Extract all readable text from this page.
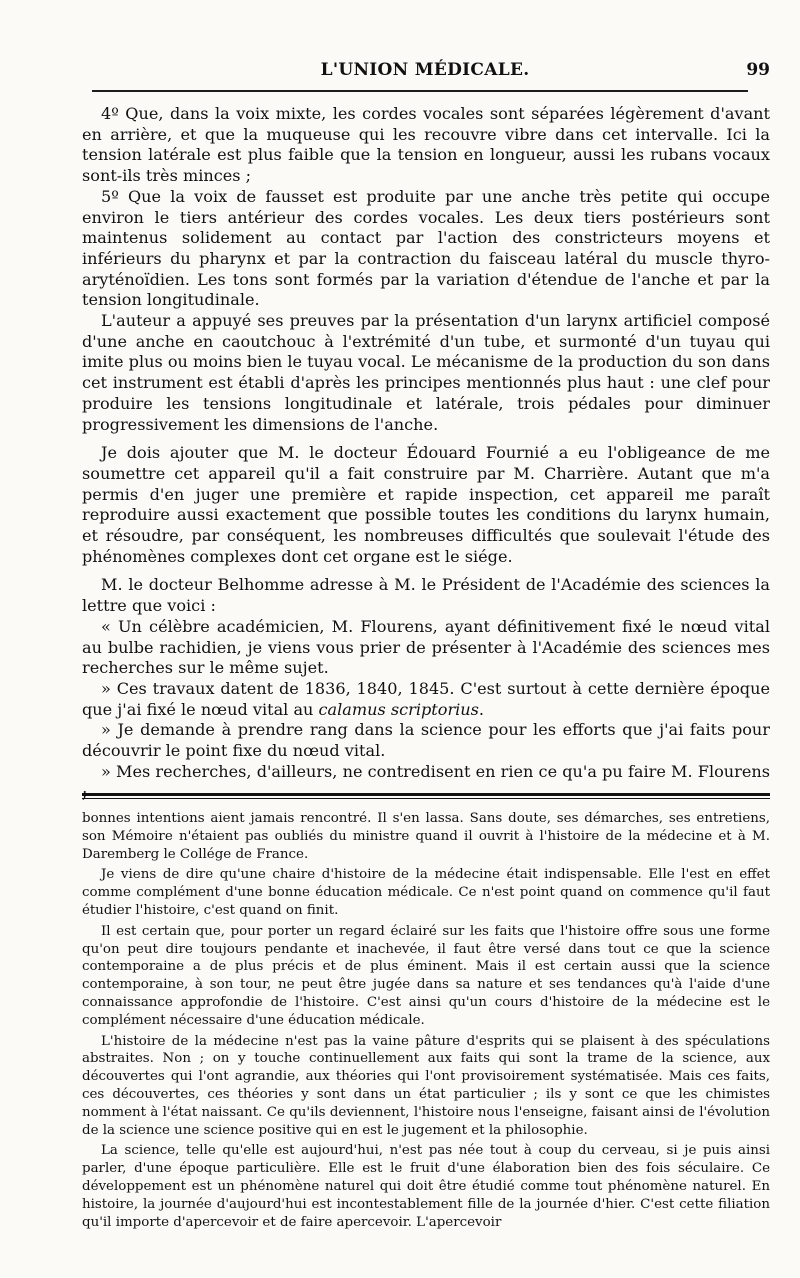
L'UNION MÉDICALE.	99

4º Que, dans la voix mixte, les cordes vocales sont séparées légèrement d'avant en arrière, et que la muqueuse qui les recouvre vibre dans cet intervalle. Ici la tension latérale est plus faible que la tension en longueur, aussi les rubans vocaux sont-ils très minces ;

5º Que la voix de fausset est produite par une anche très petite qui occupe environ le tiers antérieur des cordes vocales. Les deux tiers postérieurs sont maintenus solidement au contact par l'action des constricteurs moyens et inférieurs du pharynx et par la contraction du faisceau latéral du muscle thyro-aryténoïdien. Les tons sont formés par la variation d'étendue de l'anche et par la tension longitudinale.

L'auteur a appuyé ses preuves par la présentation d'un larynx artificiel composé d'une anche en caoutchouc à l'extrémité d'un tube, et surmonté d'un tuyau qui imite plus ou moins bien le tuyau vocal. Le mécanisme de la production du son dans cet instrument est établi d'après les principes mentionnés plus haut : une clef pour produire les tensions longitudinale et latérale, trois pédales pour diminuer progressivement les dimensions de l'anche.

Je dois ajouter que M. le docteur Édouard Fournié a eu l'obligeance de me soumettre cet appareil qu'il a fait construire par M. Charrière. Autant que m'a permis d'en juger une première et rapide inspection, cet appareil me paraît reproduire aussi exactement que possible toutes les conditions du larynx humain, et résoudre, par conséquent, les nombreuses difficultés que soulevait l'étude des phénomènes complexes dont cet organe est le siége.

M. le docteur Belhomme adresse à M. le Président de l'Académie des sciences la lettre que voici :

« Un célèbre académicien, M. Flourens, ayant définitivement fixé le nœud vital au bulbe rachidien, je viens vous prier de présenter à l'Académie des sciences mes recherches sur le même sujet.

» Ces travaux datent de 1836, 1840, 1845. C'est surtout à cette dernière époque que j'ai fixé le nœud vital au calamus scriptorius.

» Je demande à prendre rang dans la science pour les efforts que j'ai faits pour découvrir le point fixe du nœud vital.

» Mes recherches, d'ailleurs, ne contredisent en rien ce qu'a pu faire M. Flourens ;

bonnes intentions aient jamais rencontré. Il s'en lassa. Sans doute, ses démarches, ses entretiens, son Mémoire n'étaient pas oubliés du ministre quand il ouvrit à l'histoire de la médecine et à M. Daremberg le Collége de France.

Je viens de dire qu'une chaire d'histoire de la médecine était indispensable. Elle l'est en effet comme complément d'une bonne éducation médicale. Ce n'est point quand on commence qu'il faut étudier l'histoire, c'est quand on finit.

Il est certain que, pour porter un regard éclairé sur les faits que l'histoire offre sous une forme qu'on peut dire toujours pendante et inachevée, il faut être versé dans tout ce que la science contemporaine a de plus précis et de plus éminent. Mais il est certain aussi que la science contemporaine, à son tour, ne peut être jugée dans sa nature et ses tendances qu'à l'aide d'une connaissance approfondie de l'histoire. C'est ainsi qu'un cours d'histoire de la médecine est le complément nécessaire d'une éducation médicale.

L'histoire de la médecine n'est pas la vaine pâture d'esprits qui se plaisent à des spéculations abstraites. Non ; on y touche continuellement aux faits qui sont la trame de la science, aux découvertes qui l'ont agrandie, aux théories qui l'ont provisoirement systématisée. Mais ces faits, ces découvertes, ces théories y sont dans un état particulier ; ils y sont ce que les chimistes nomment à l'état naissant. Ce qu'ils deviennent, l'histoire nous l'enseigne, faisant ainsi de l'évolution de la science une science positive qui en est le jugement et la philosophie.

La science, telle qu'elle est aujourd'hui, n'est pas née tout à coup du cerveau, si je puis ainsi parler, d'une époque particulière. Elle est le fruit d'une élaboration bien des fois séculaire. Ce développement est un phénomène naturel qui doit être étudié comme tout phénomène naturel. En histoire, la journée d'aujourd'hui est incontestablement fille de la journée d'hier. C'est cette filiation qu'il importe d'apercevoir et de faire apercevoir. L'apercevoir
